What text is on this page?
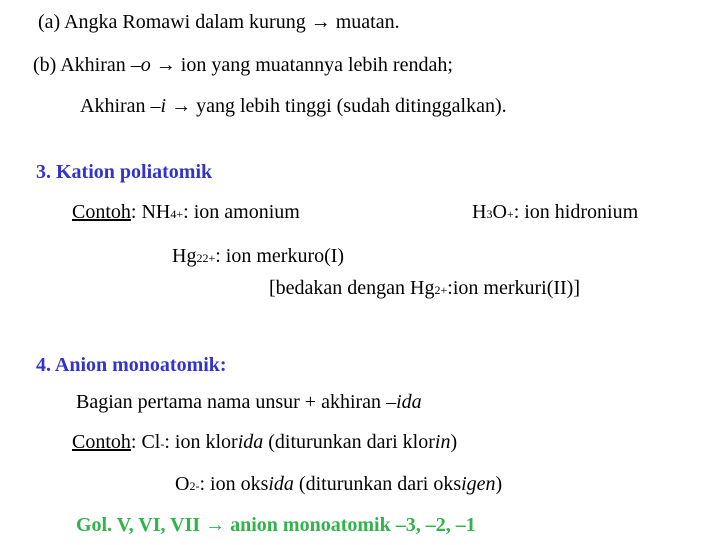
(a) Angka Romawi dalam kurung → muatan.
(b) Akhiran –o → ion yang muatannya lebih rendah;
Akhiran –i → yang lebih tinggi (sudah ditinggalkan).
3. Kation poliatomik
Contoh: NH4+: ion amonium	H3O+: ion hidronium
Hg22+: ion merkuro(I)
[bedakan dengan Hg2+:ion merkuri(II)]
4. Anion monoatomik:
Bagian pertama nama unsur + akhiran –ida
Contoh: Cl-: ion klorida (diturunkan dari klorin)
O2-: ion oksida (diturunkan dari oksigen)
Gol. V, VI, VII → anion monoatomik –3, –2, –1
